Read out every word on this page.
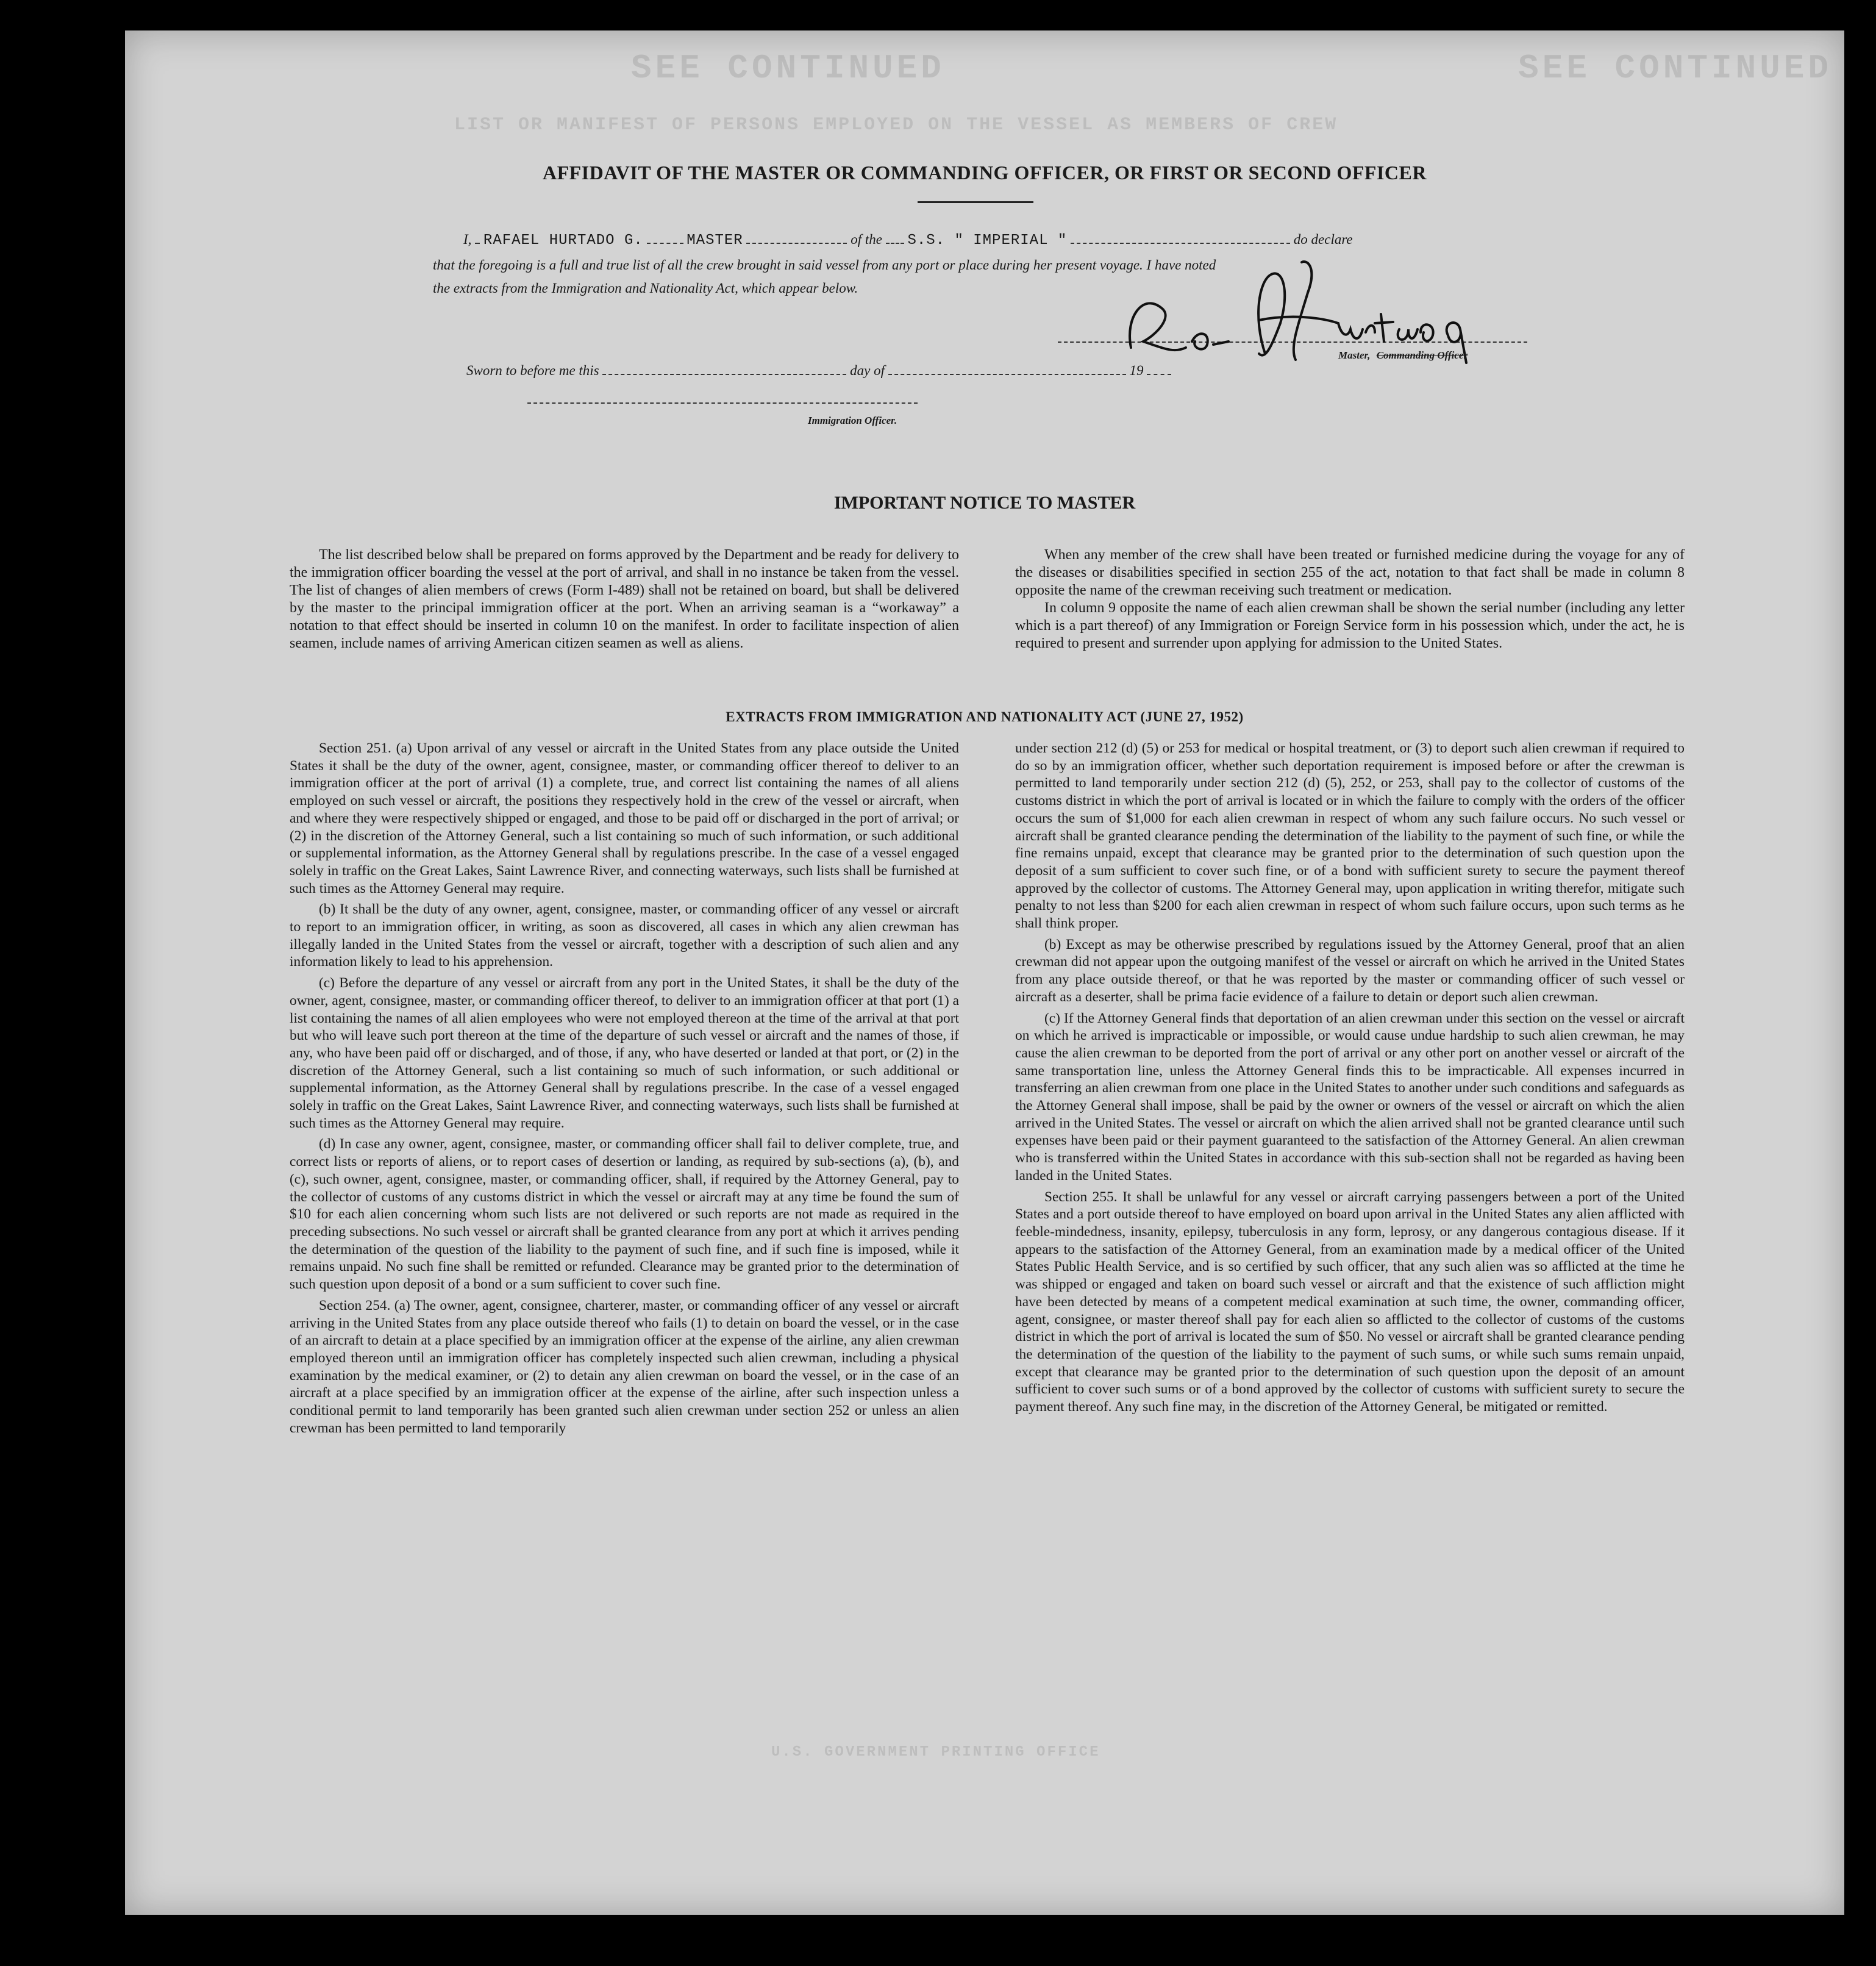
SEE CONTINUED	SEE CONTINUED
LIST OR MANIFEST OF PERSONS EMPLOYED ON THE VESSEL AS MEMBERS OF CREW
U.S. GOVERNMENT PRINTING OFFICE
AFFIDAVIT OF THE MASTER OR COMMANDING OFFICER, OR FIRST OR SECOND OFFICER
I, RAFAEL HURTADO G.	MASTER	of the S.S. " IMPERIAL "	do declare
that the foregoing is a full and true list of all the crew brought in said vessel from any port or place during her present voyage. I have noted
the extracts from the Immigration and Nationality Act, which appear below.
Master, Commanding Officer
Sworn to before me this	day of	19
Immigration Officer.
IMPORTANT NOTICE TO MASTER

The list described below shall be prepared on forms approved by the Department and be ready for delivery to the immigration officer boarding the vessel at the port of arrival, and shall in no instance be taken from the vessel. The list of changes of alien members of crews (Form I-489) shall not be retained on board, but shall be delivered by the master to the principal immigration officer at the port. When an arriving seaman is a “workaway” a notation to that effect should be inserted in column 10 on the manifest. In order to facilitate inspection of alien seamen, include names of arriving American citizen seamen as well as aliens.

When any member of the crew shall have been treated or furnished medicine during the voyage for any of the diseases or disabilities specified in section 255 of the act, notation to that fact shall be made in column 8 opposite the name of the crewman receiving such treatment or medication.

In column 9 opposite the name of each alien crewman shall be shown the serial number (including any letter which is a part thereof) of any Immigration or Foreign Service form in his possession which, under the act, he is required to present and surrender upon applying for admission to the United States.

EXTRACTS FROM IMMIGRATION AND NATIONALITY ACT (JUNE 27, 1952)

Section 251. (a) Upon arrival of any vessel or aircraft in the United States from any place outside the United States it shall be the duty of the owner, agent, consignee, master, or commanding officer thereof to deliver to an immigration officer at the port of arrival (1) a complete, true, and correct list containing the names of all aliens employed on such vessel or aircraft, the positions they respectively hold in the crew of the vessel or aircraft, when and where they were respectively shipped or engaged, and those to be paid off or discharged in the port of arrival; or (2) in the discretion of the Attorney General, such a list containing so much of such information, or such additional or supplemental information, as the Attorney General shall by regulations prescribe. In the case of a vessel engaged solely in traffic on the Great Lakes, Saint Lawrence River, and connecting waterways, such lists shall be furnished at such times as the Attorney General may require.

(b) It shall be the duty of any owner, agent, consignee, master, or commanding officer of any vessel or aircraft to report to an immigration officer, in writing, as soon as discovered, all cases in which any alien crewman has illegally landed in the United States from the vessel or aircraft, together with a description of such alien and any information likely to lead to his apprehension.

(c) Before the departure of any vessel or aircraft from any port in the United States, it shall be the duty of the owner, agent, consignee, master, or commanding officer thereof, to deliver to an immigration officer at that port (1) a list containing the names of all alien employees who were not employed thereon at the time of the arrival at that port but who will leave such port thereon at the time of the departure of such vessel or aircraft and the names of those, if any, who have been paid off or discharged, and of those, if any, who have deserted or landed at that port, or (2) in the discretion of the Attorney General, such a list containing so much of such information, or such additional or supplemental information, as the Attorney General shall by regulations prescribe. In the case of a vessel engaged solely in traffic on the Great Lakes, Saint Lawrence River, and connecting waterways, such lists shall be furnished at such times as the Attorney General may require.

(d) In case any owner, agent, consignee, master, or commanding officer shall fail to deliver complete, true, and correct lists or reports of aliens, or to report cases of desertion or landing, as required by sub-sections (a), (b), and (c), such owner, agent, consignee, master, or commanding officer, shall, if required by the Attorney General, pay to the collector of customs of any customs district in which the vessel or aircraft may at any time be found the sum of $10 for each alien concerning whom such lists are not delivered or such reports are not made as required in the preceding subsections. No such vessel or aircraft shall be granted clearance from any port at which it arrives pending the determination of the question of the liability to the payment of such fine, and if such fine is imposed, while it remains unpaid. No such fine shall be remitted or refunded. Clearance may be granted prior to the determination of such question upon deposit of a bond or a sum sufficient to cover such fine.

Section 254. (a) The owner, agent, consignee, charterer, master, or commanding officer of any vessel or aircraft arriving in the United States from any place outside thereof who fails (1) to detain on board the vessel, or in the case of an aircraft to detain at a place specified by an immigration officer at the expense of the airline, any alien crewman employed thereon until an immigration officer has completely inspected such alien crewman, including a physical examination by the medical examiner, or (2) to detain any alien crewman on board the vessel, or in the case of an aircraft at a place specified by an immigration officer at the expense of the airline, after such inspection unless a conditional permit to land temporarily has been granted such alien crewman under section 252 or unless an alien crewman has been permitted to land temporarily

under section 212 (d) (5) or 253 for medical or hospital treatment, or (3) to deport such alien crewman if required to do so by an immigration officer, whether such deportation requirement is imposed before or after the crewman is permitted to land temporarily under section 212 (d) (5), 252, or 253, shall pay to the collector of customs of the customs district in which the port of arrival is located or in which the failure to comply with the orders of the officer occurs the sum of $1,000 for each alien crewman in respect of whom any such failure occurs. No such vessel or aircraft shall be granted clearance pending the determination of the liability to the payment of such fine, or while the fine remains unpaid, except that clearance may be granted prior to the determination of such question upon the deposit of a sum sufficient to cover such fine, or of a bond with sufficient surety to secure the payment thereof approved by the collector of customs. The Attorney General may, upon application in writing therefor, mitigate such penalty to not less than $200 for each alien crewman in respect of whom such failure occurs, upon such terms as he shall think proper.

(b) Except as may be otherwise prescribed by regulations issued by the Attorney General, proof that an alien crewman did not appear upon the outgoing manifest of the vessel or aircraft on which he arrived in the United States from any place outside thereof, or that he was reported by the master or commanding officer of such vessel or aircraft as a deserter, shall be prima facie evidence of a failure to detain or deport such alien crewman.

(c) If the Attorney General finds that deportation of an alien crewman under this section on the vessel or aircraft on which he arrived is impracticable or impossible, or would cause undue hardship to such alien crewman, he may cause the alien crewman to be deported from the port of arrival or any other port on another vessel or aircraft of the same transportation line, unless the Attorney General finds this to be impracticable. All expenses incurred in transferring an alien crewman from one place in the United States to another under such conditions and safeguards as the Attorney General shall impose, shall be paid by the owner or owners of the vessel or aircraft on which the alien arrived in the United States. The vessel or aircraft on which the alien arrived shall not be granted clearance until such expenses have been paid or their payment guaranteed to the satisfaction of the Attorney General. An alien crewman who is transferred within the United States in accordance with this sub-section shall not be regarded as having been landed in the United States.

Section 255. It shall be unlawful for any vessel or aircraft carrying passengers between a port of the United States and a port outside thereof to have employed on board upon arrival in the United States any alien afflicted with feeble-mindedness, insanity, epilepsy, tuberculosis in any form, leprosy, or any dangerous contagious disease. If it appears to the satisfaction of the Attorney General, from an examination made by a medical officer of the United States Public Health Service, and is so certified by such officer, that any such alien was so afflicted at the time he was shipped or engaged and taken on board such vessel or aircraft and that the existence of such affliction might have been detected by means of a competent medical examination at such time, the owner, commanding officer, agent, consignee, or master thereof shall pay for each alien so afflicted to the collector of customs of the customs district in which the port of arrival is located the sum of $50. No vessel or aircraft shall be granted clearance pending the determination of the question of the liability to the payment of such sums, or while such sums remain unpaid, except that clearance may be granted prior to the determination of such question upon the deposit of an amount sufficient to cover such sums or of a bond approved by the collector of customs with sufficient surety to secure the payment thereof. Any such fine may, in the discretion of the Attorney General, be mitigated or remitted.
